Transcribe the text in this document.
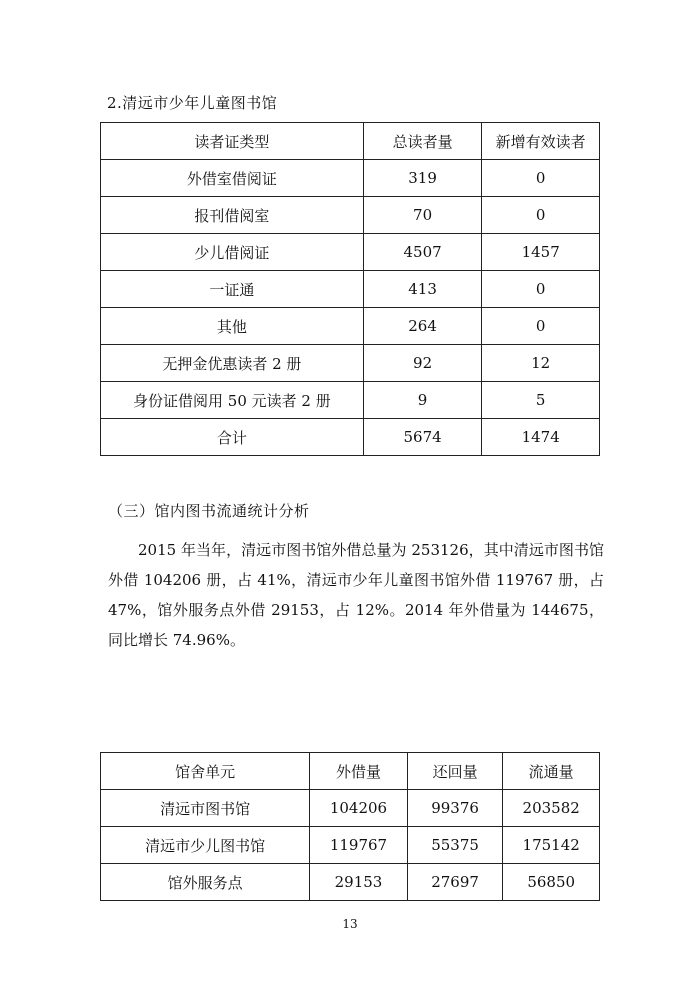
2.清远市少年儿童图书馆
读者证类型	总读者量	新增有效读者
外借室借阅证	319	0
报刊借阅室	70	0
少儿借阅证	4507	1457
一证通	413	0
其他	264	0
无押金优惠读者 2 册	92	12
身份证借阅用 50 元读者 2 册	9	5
合计	5674	1474
（三）馆内图书流通统计分析

2015 年当年，清远市图书馆外借总量为 253126，其中清远市图书馆外借 104206 册，占 41%，清远市少年儿童图书馆外借 119767 册，占 47%，馆外服务点外借 29153，占 12%。2014 年外借量为 144675，同比增长 74.96%。

馆舍单元	外借量	还回量	流通量
清远市图书馆	104206	99376	203582
清远市少儿图书馆	119767	55375	175142
馆外服务点	29153	27697	56850
13
